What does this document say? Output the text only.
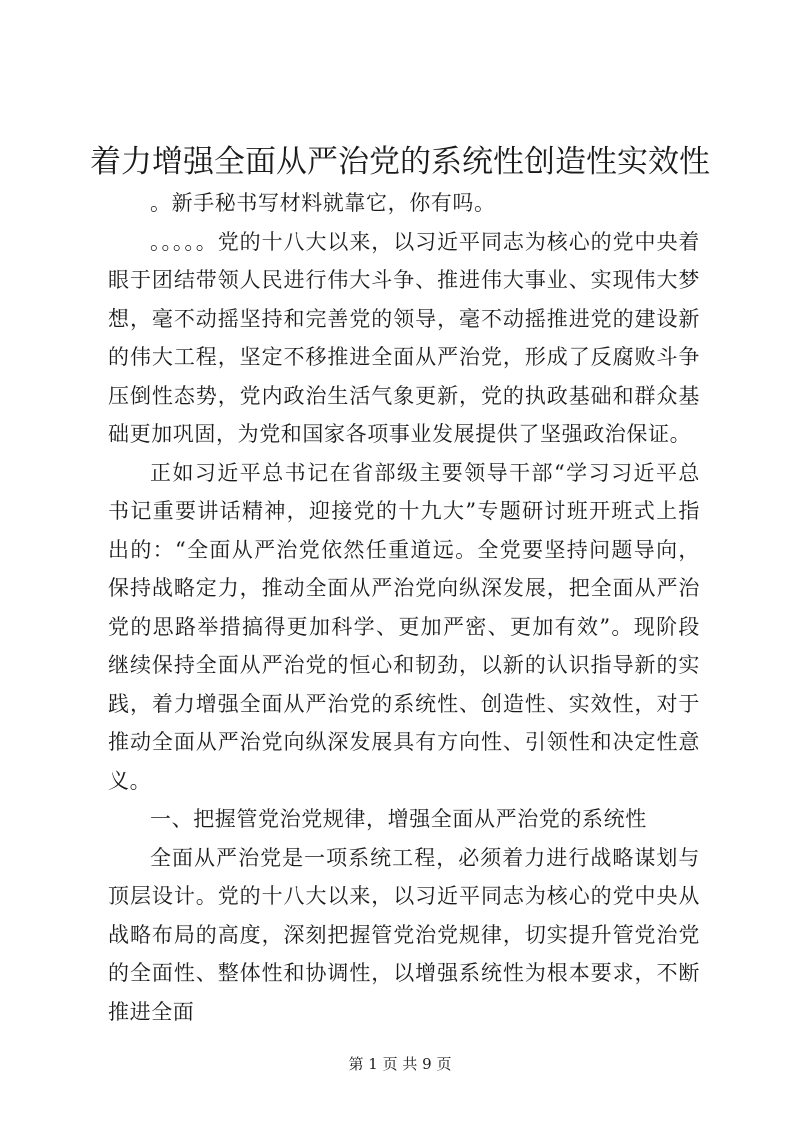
着力增强全面从严治党的系统性创造性实效性

。新手秘书写材料就靠它，你有吗。

。。。。。党的十八大以来，以习近平同志为核心的党中央着眼于团结带领人民进行伟大斗争、推进伟大事业、实现伟大梦想，毫不动摇坚持和完善党的领导，毫不动摇推进党的建设新的伟大工程，坚定不移推进全面从严治党，形成了反腐败斗争压倒性态势，党内政治生活气象更新，党的执政基础和群众基础更加巩固，为党和国家各项事业发展提供了坚强政治保证。

正如习近平总书记在省部级主要领导干部“学习习近平总书记重要讲话精神，迎接党的十九大”专题研讨班开班式上指出的：“全面从严治党依然任重道远。全党要坚持问题导向，保持战略定力，推动全面从严治党向纵深发展，把全面从严治党的思路举措搞得更加科学、更加严密、更加有效”。现阶段继续保持全面从严治党的恒心和韧劲，以新的认识指导新的实践，着力增强全面从严治党的系统性、创造性、实效性，对于推动全面从严治党向纵深发展具有方向性、引领性和决定性意义。

一、把握管党治党规律，增强全面从严治党的系统性

全面从严治党是一项系统工程，必须着力进行战略谋划与顶层设计。党的十八大以来，以习近平同志为核心的党中央从战略布局的高度，深刻把握管党治党规律，切实提升管党治党的全面性、整体性和协调性，以增强系统性为根本要求，不断推进全面

第 1 页 共 9 页
